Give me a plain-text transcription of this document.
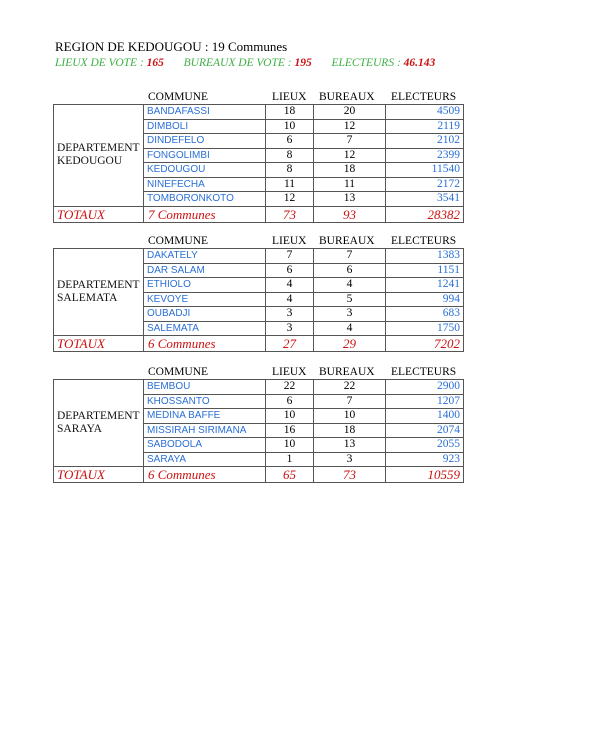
REGION DE KEDOUGOU : 19 Communes
LIEUX DE VOTE : 165 BUREAUX DE VOTE : 195 ELECTEURS : 46.143
COMMUNE	LIEUX BUREAUX ELECTEURS
DEPARTEMENT
KEDOUGOU	BANDAFASSI	18	20	4509
	DIMBOLI	10	12	2119
	DINDEFELO	6	7	2102
	FONGOLIMBI	8	12	2399
	KEDOUGOU	8	18	11540
	NINEFECHA	11	11	2172
	TOMBORONKOTO	12	13	3541
TOTAUX	7 Communes	73	93	28382
COMMUNE	LIEUX BUREAUX ELECTEURS
DEPARTEMENT
SALEMATA	DAKATELY	7	7	1383
	DAR SALAM	6	6	1151
	ETHIOLO	4	4	1241
	KEVOYE	4	5	994
	OUBADJI	3	3	683
	SALEMATA	3	4	1750
TOTAUX	6 Communes	27	29	7202
COMMUNE	LIEUX BUREAUX ELECTEURS
DEPARTEMENT
SARAYA	BEMBOU	22	22	2900
	KHOSSANTO	6	7	1207
	MEDINA BAFFE	10	10	1400
	MISSIRAH SIRIMANA	16	18	2074
	SABODOLA	10	13	2055
	SARAYA	1	3	923
TOTAUX	6 Communes	65	73	10559
